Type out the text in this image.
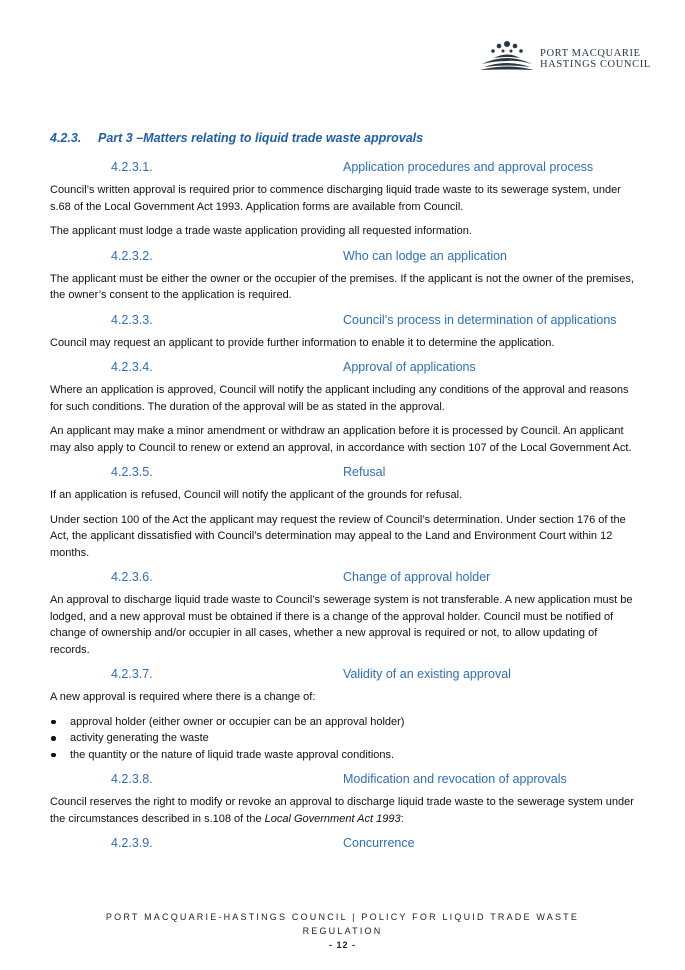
PORT MACQUARIE
HASTINGS COUNCIL
4.2.3. Part 3 –Matters relating to liquid trade waste approvals
4.2.3.1.	Application procedures and approval process
Council’s written approval is required prior to commence discharging liquid trade waste to its sewerage system, under s.68 of the Local Government Act 1993. Application forms are available from Council.
The applicant must lodge a trade waste application providing all requested information.
4.2.3.2.	Who can lodge an application
The applicant must be either the owner or the occupier of the premises. If the applicant is not the owner of the premises, the owner’s consent to the application is required.
4.2.3.3.	Council’s process in determination of applications
Council may request an applicant to provide further information to enable it to determine the application.
4.2.3.4.	Approval of applications
Where an application is approved, Council will notify the applicant including any conditions of the approval and reasons for such conditions. The duration of the approval will be as stated in the approval.
An applicant may make a minor amendment or withdraw an application before it is processed by Council. An applicant may also apply to Council to renew or extend an approval, in accordance with section 107 of the Local Government Act.
4.2.3.5.	Refusal
If an application is refused, Council will notify the applicant of the grounds for refusal.
Under section 100 of the Act the applicant may request the review of Council’s determination. Under section 176 of the Act, the applicant dissatisfied with Council’s determination may appeal to the Land and Environment Court within 12 months.
4.2.3.6.	Change of approval holder
An approval to discharge liquid trade waste to Council’s sewerage system is not transferable. A new application must be lodged, and a new approval must be obtained if there is a change of the approval holder. Council must be notified of change of ownership and/or occupier in all cases, whether a new approval is required or not, to allow updating of records.
4.2.3.7.	Validity of an existing approval
A new approval is required where there is a change of:
approval holder (either owner or occupier can be an approval holder)
activity generating the waste
the quantity or the nature of liquid trade waste approval conditions.
4.2.3.8.	Modification and revocation of approvals
Council reserves the right to modify or revoke an approval to discharge liquid trade waste to the sewerage system under the circumstances described in s.108 of the Local Government Act 1993:
4.2.3.9.	Concurrence
PORT MACQUARIE-HASTINGS COUNCIL | POLICY FOR LIQUID TRADE WASTE
REGULATION
- 12 -
